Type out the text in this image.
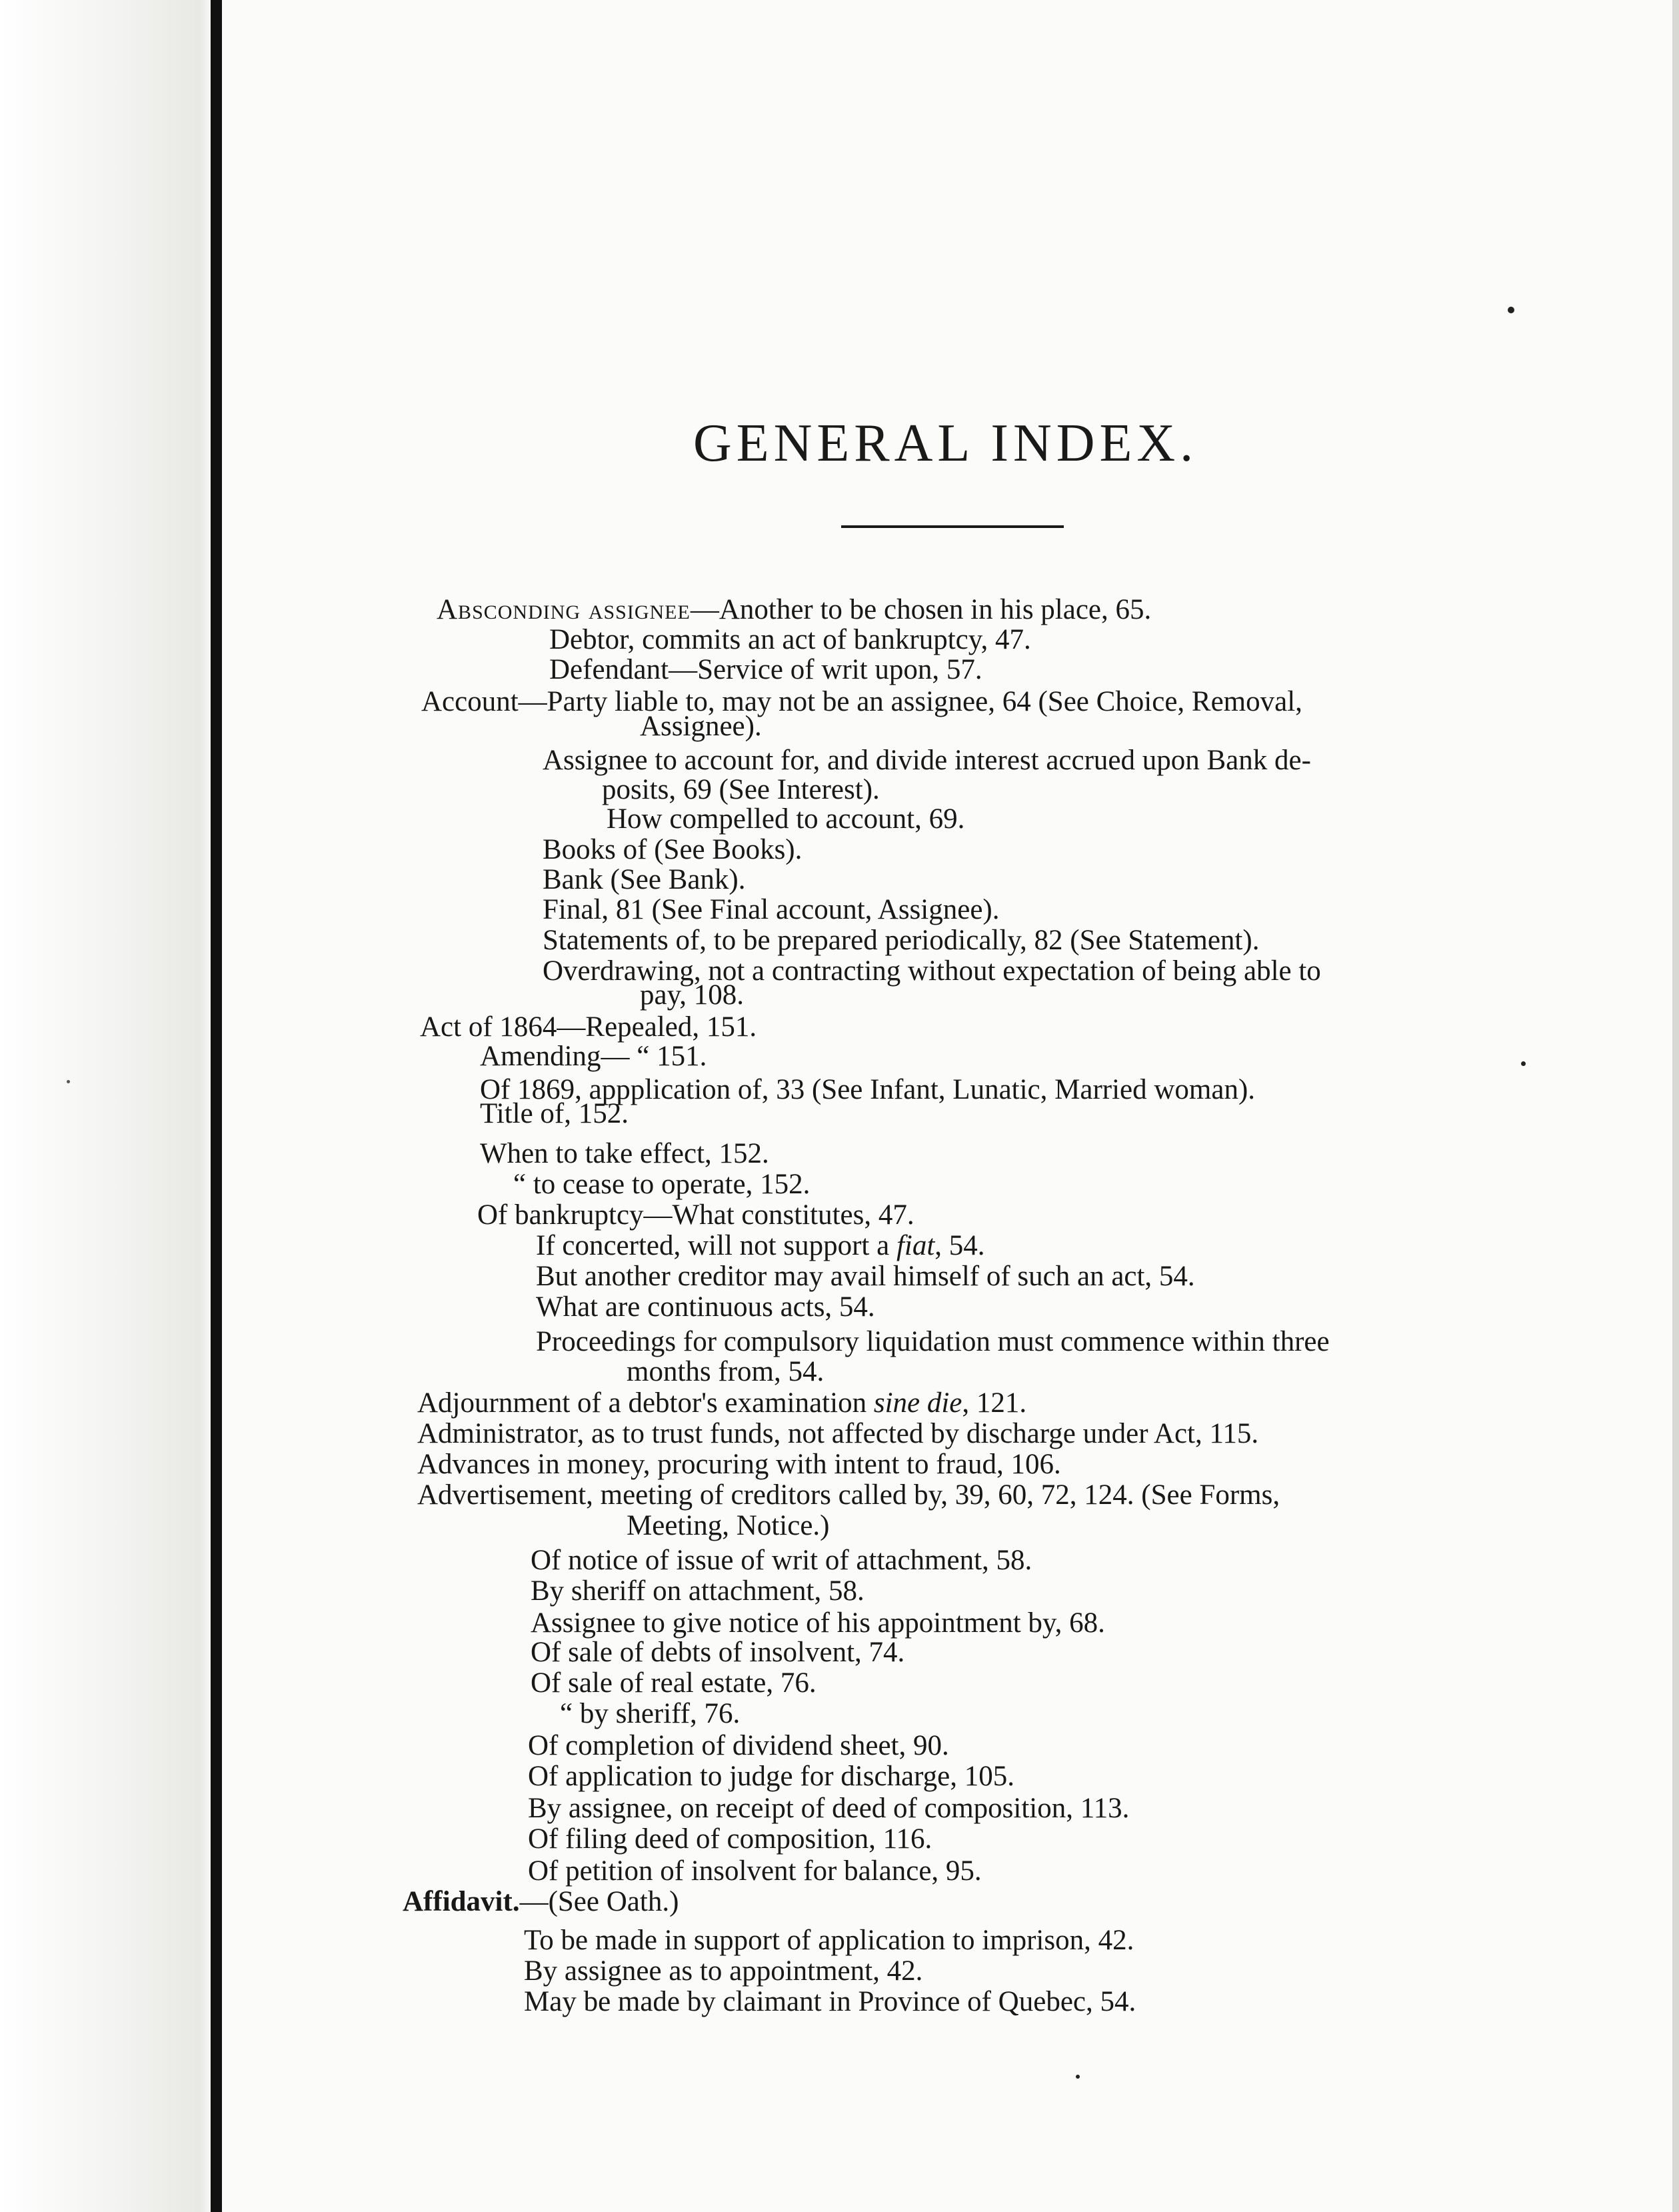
GENERAL INDEX.
Absconding assignee—Another to be chosen in his place, 65.
Debtor, commits an act of bankruptcy, 47.
Defendant—Service of writ upon, 57.
Account—Party liable to, may not be an assignee, 64 (See Choice, Removal,
Assignee).
Assignee to account for, and divide interest accrued upon Bank de-
posits, 69 (See Interest).
How compelled to account, 69.
Books of (See Books).
Bank (See Bank).
Final, 81 (See Final account, Assignee).
Statements of, to be prepared periodically, 82 (See Statement).
Overdrawing, not a contracting without expectation of being able to
pay, 108.
Act of 1864—Repealed, 151.
Amending— “ 151.
Of 1869, appplication of, 33 (See Infant, Lunatic, Married woman).
Title of, 152.
When to take effect, 152.
“ to cease to operate, 152.
Of bankruptcy—What constitutes, 47.
If concerted, will not support a fiat, 54.
But another creditor may avail himself of such an act, 54.
What are continuous acts, 54.
Proceedings for compulsory liquidation must commence within three
months from, 54.
Adjournment of a debtor's examination sine die, 121.
Administrator, as to trust funds, not affected by discharge under Act, 115.
Advances in money, procuring with intent to fraud, 106.
Advertisement, meeting of creditors called by, 39, 60, 72, 124. (See Forms,
Meeting, Notice.)
Of notice of issue of writ of attachment, 58.
By sheriff on attachment, 58.
Assignee to give notice of his appointment by, 68.
Of sale of debts of insolvent, 74.
Of sale of real estate, 76.
“ by sheriff, 76.
Of completion of dividend sheet, 90.
Of application to judge for discharge, 105.
By assignee, on receipt of deed of composition, 113.
Of filing deed of composition, 116.
Of petition of insolvent for balance, 95.
Affidavit.—(See Oath.)
To be made in support of application to imprison, 42.
By assignee as to appointment, 42.
May be made by claimant in Province of Quebec, 54.
